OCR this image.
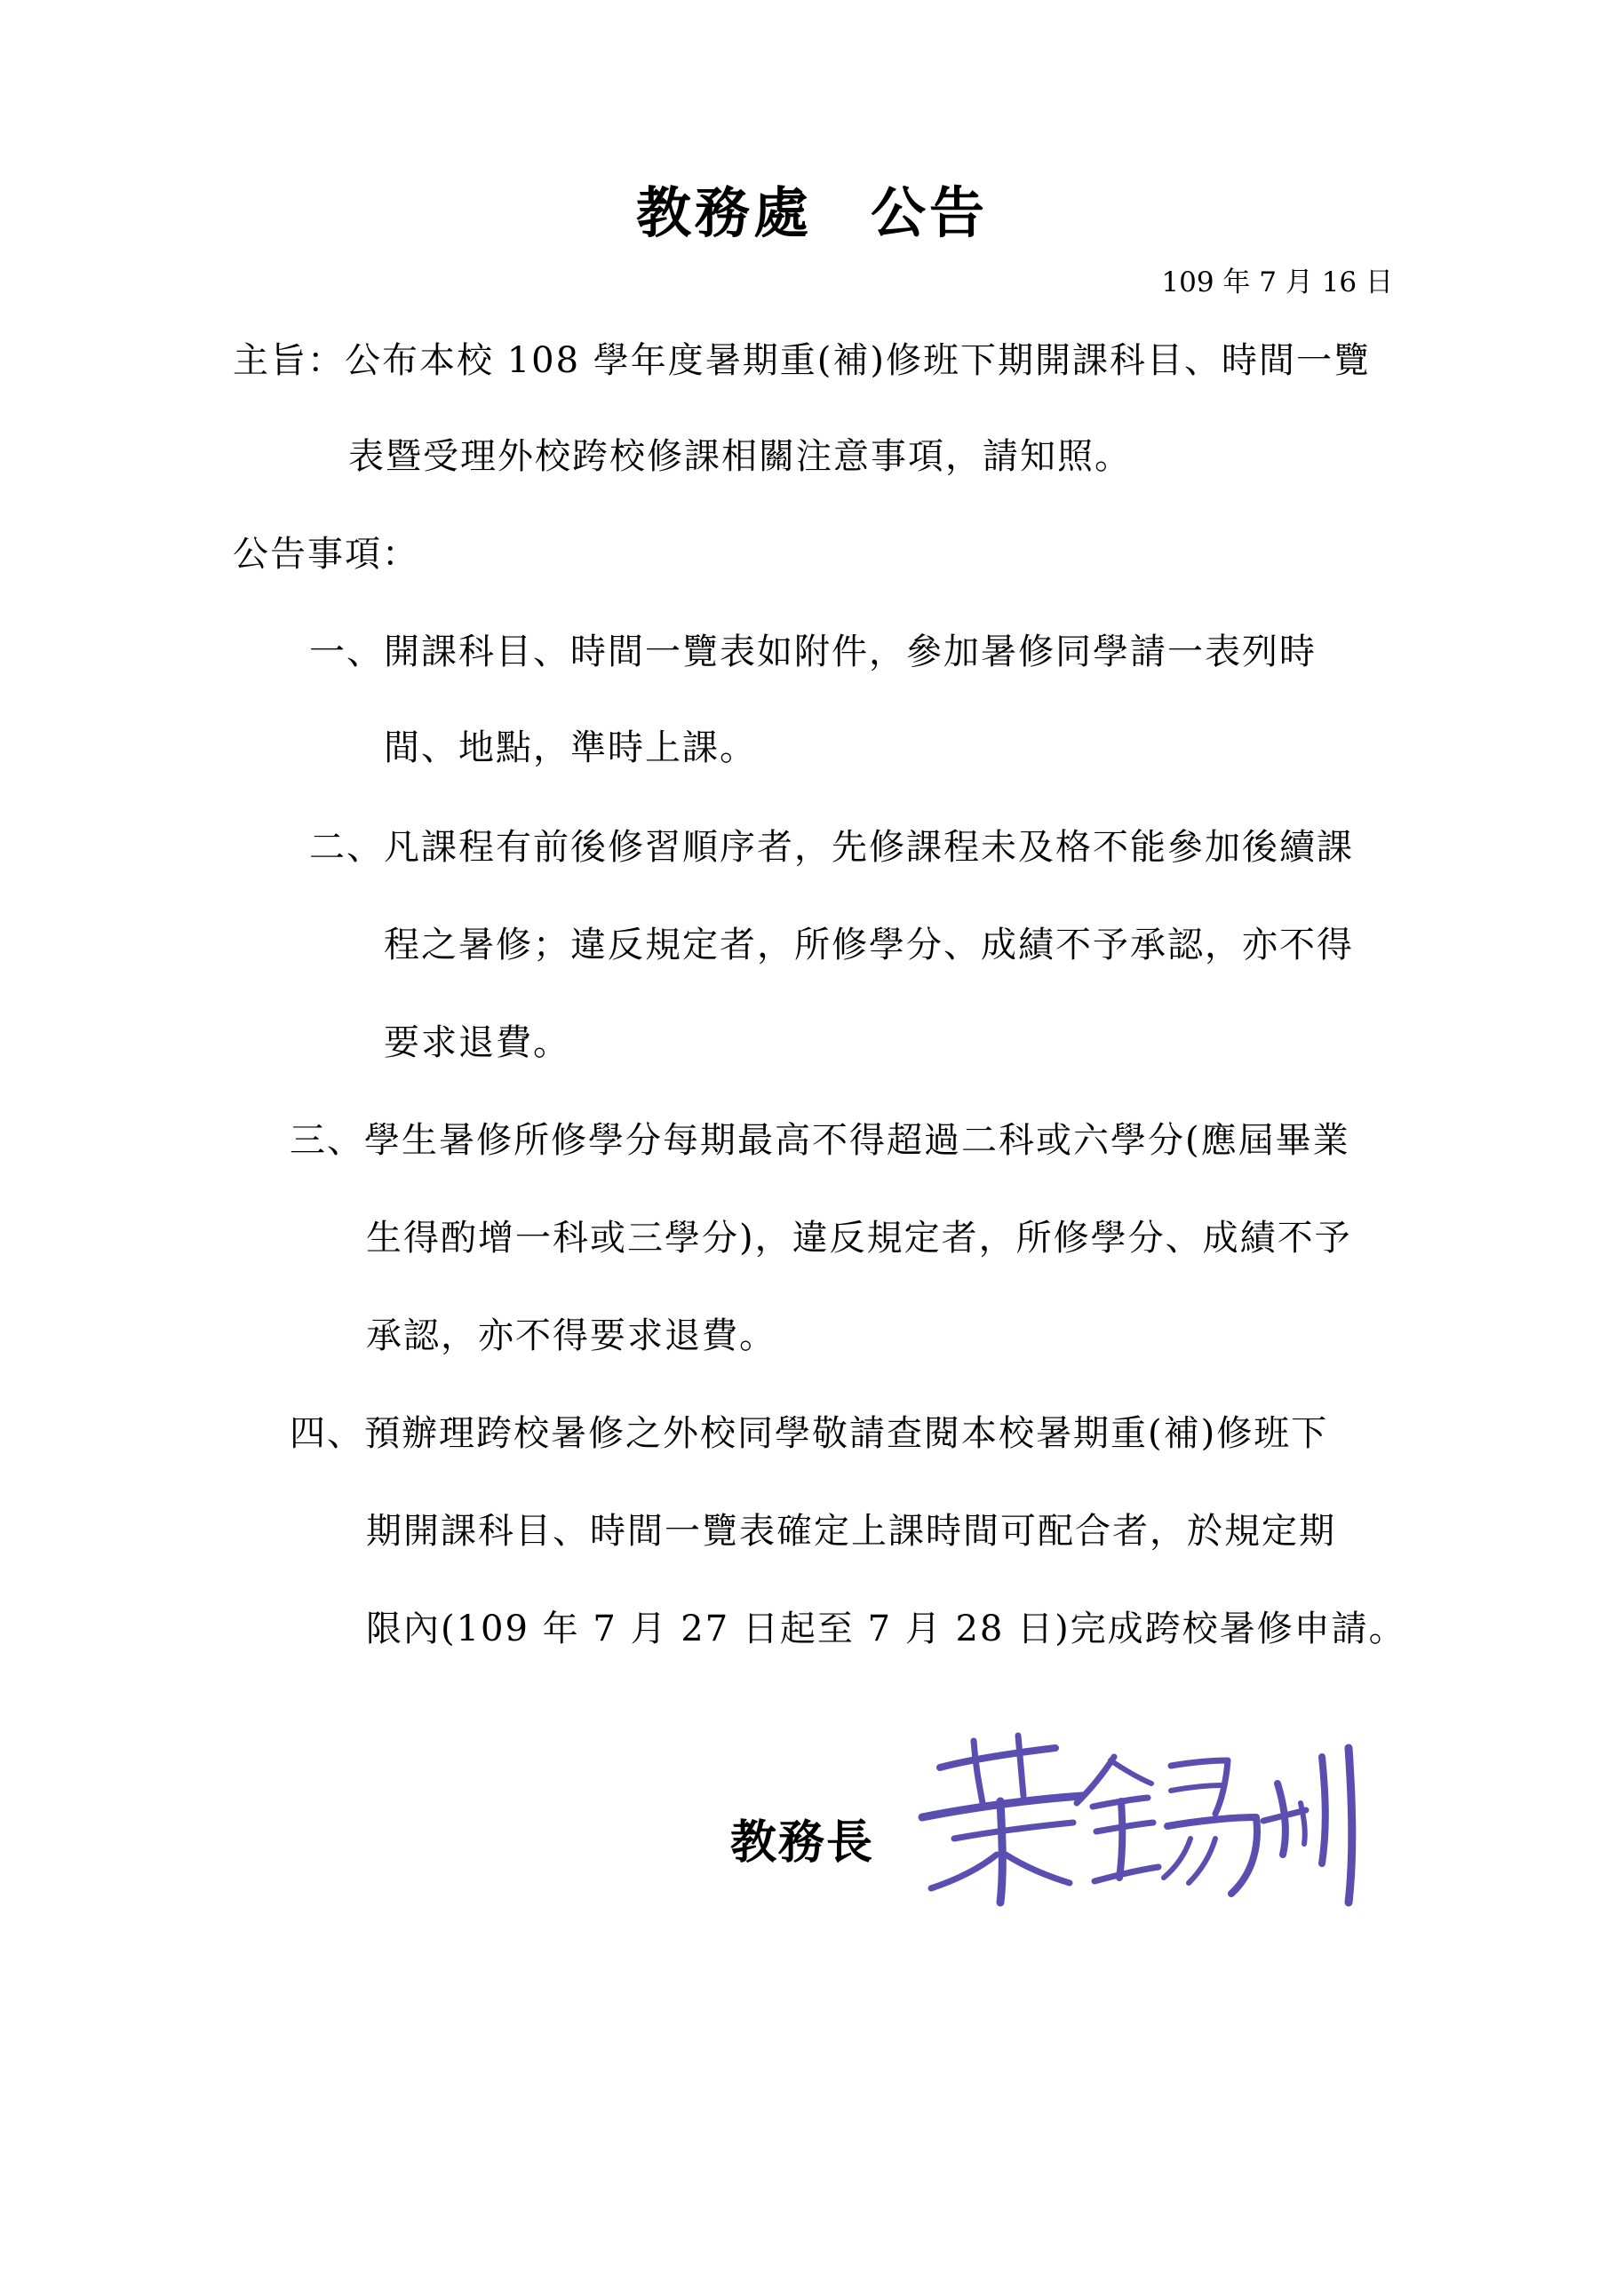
教務處　公告
109 年 7 月 16 日
主旨：公布本校 108 學年度暑期重(補)修班下期開課科目、時間一覽
表暨受理外校跨校修課相關注意事項，請知照。
公告事項：
一、開課科目、時間一覽表如附件，參加暑修同學請一表列時
間、地點，準時上課。
二、凡課程有前後修習順序者，先修課程未及格不能參加後續課
程之暑修；違反規定者，所修學分、成績不予承認，亦不得
要求退費。
三、學生暑修所修學分每期最高不得超過二科或六學分(應屆畢業
生得酌增一科或三學分)，違反規定者，所修學分、成績不予
承認，亦不得要求退費。
四、預辦理跨校暑修之外校同學敬請查閱本校暑期重(補)修班下
期開課科目、時間一覽表確定上課時間可配合者，於規定期
限內(109 年 7 月 27 日起至 7 月 28 日)完成跨校暑修申請。
教務長
